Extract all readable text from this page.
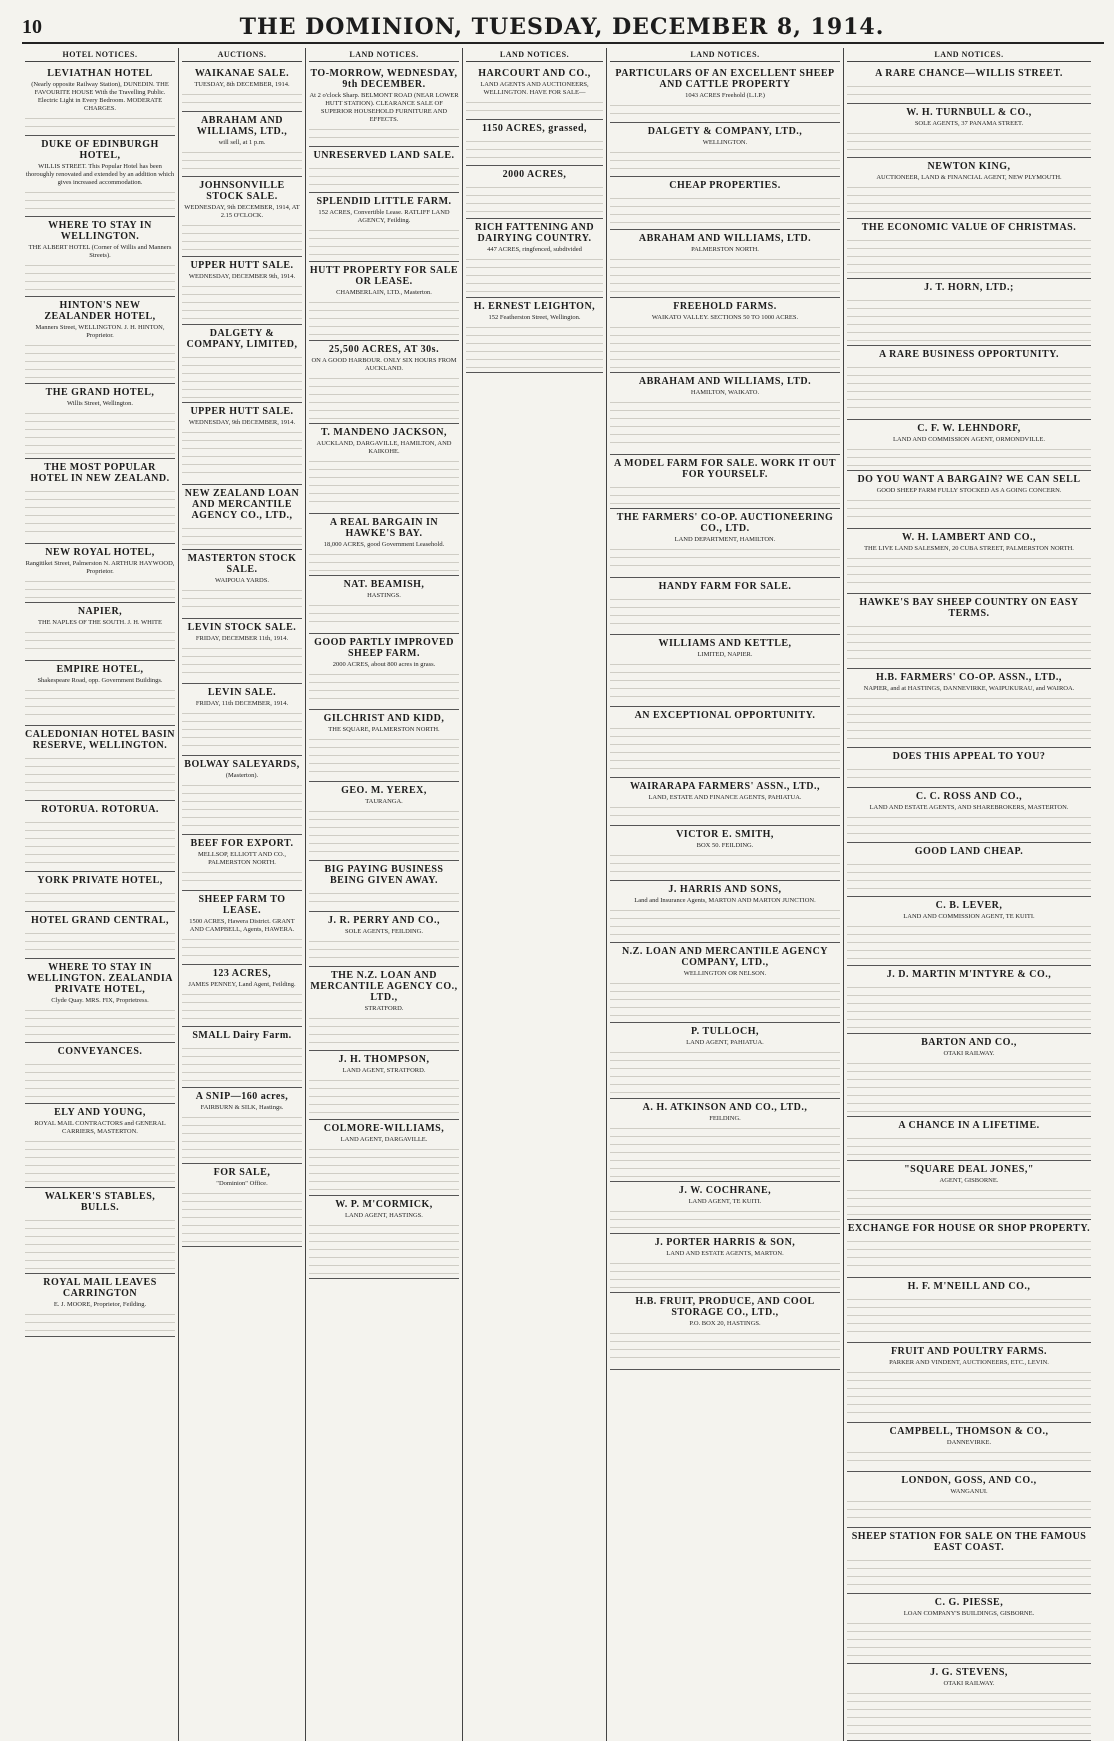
10	THE DOMINION, TUESDAY, DECEMBER 8, 1914.
HOTEL NOTICES.
LEVIATHAN HOTEL

(Nearly opposite Railway Station), DUNEDIN. THE FAVOURITE HOUSE With the Travelling Public. Electric Light in Every Bedroom. MODERATE CHARGES.

DUKE OF EDINBURGH HOTEL,

WILLIS STREET. This Popular Hotel has been thoroughly renovated and extended by an addition which gives increased accommodation.

WHERE TO STAY IN WELLINGTON.

THE ALBERT HOTEL (Corner of Willis and Manners Streets).

HINTON'S NEW ZEALANDER HOTEL,

Manners Street, WELLINGTON. J. H. HINTON, Proprietor.

THE GRAND HOTEL,

Willis Street, Wellington.

THE MOST POPULAR HOTEL IN NEW ZEALAND.
NEW ROYAL HOTEL,

Rangitikei Street, Palmerston N. ARTHUR HAYWOOD, Proprietor.

NAPIER,

THE NAPLES OF THE SOUTH. J. H. WHITE

EMPIRE HOTEL,

Shakespeare Road, opp. Government Buildings.

CALEDONIAN HOTEL BASIN RESERVE, WELLINGTON.
ROTORUA. ROTORUA.
YORK PRIVATE HOTEL,
HOTEL GRAND CENTRAL,
WHERE TO STAY IN WELLINGTON. ZEALANDIA PRIVATE HOTEL,

Clyde Quay. MRS. FIX, Proprietress.

CONVEYANCES.
ELY AND YOUNG,

ROYAL MAIL CONTRACTORS and GENERAL CARRIERS, MASTERTON.

WALKER'S STABLES, BULLS.
ROYAL MAIL LEAVES CARRINGTON

E. J. MOORE, Proprietor, Feilding.

AUCTIONS.
WAIKANAE SALE.

TUESDAY, 8th DECEMBER, 1914.

ABRAHAM AND WILLIAMS, LTD.,

will sell, at 1 p.m.

JOHNSONVILLE STOCK SALE.

WEDNESDAY, 9th DECEMBER, 1914, AT 2.15 O'CLOCK.

UPPER HUTT SALE.

WEDNESDAY, DECEMBER 9th, 1914.

DALGETY & COMPANY, LIMITED,
UPPER HUTT SALE.

WEDNESDAY, 9th DECEMBER, 1914.

NEW ZEALAND LOAN AND MERCANTILE AGENCY CO., LTD.,
MASTERTON STOCK SALE.

WAIPOUA YARDS.

LEVIN STOCK SALE.

FRIDAY, DECEMBER 11th, 1914.

LEVIN SALE.

FRIDAY, 11th DECEMBER, 1914.

BOLWAY SALEYARDS,

(Masterton).

BEEF FOR EXPORT.

MELLSOP, ELLIOTT AND CO., PALMERSTON NORTH.

SHEEP FARM TO LEASE.

1500 ACRES, Hawera District. GRANT AND CAMPBELL, Agents, HAWERA.

123 ACRES,

JAMES PENNEY, Land Agent, Feilding.

SMALL Dairy Farm.
A SNIP—160 acres,

FAIRBURN & SILK, Hastings.

FOR SALE,

"Dominion" Office.

LAND NOTICES.
TO-MORROW, WEDNESDAY, 9th DECEMBER.

At 2 o'clock Sharp. BELMONT ROAD (NEAR LOWER HUTT STATION). CLEARANCE SALE OF SUPERIOR HOUSEHOLD FURNITURE AND EFFECTS.

UNRESERVED LAND SALE.
SPLENDID LITTLE FARM.

152 ACRES, Convertible Lease. RATLIFF LAND AGENCY, Feilding.

HUTT PROPERTY FOR SALE OR LEASE.

CHAMBERLAIN, LTD., Masterton.

25,500 ACRES, AT 30s.

ON A GOOD HARBOUR. ONLY SIX HOURS FROM AUCKLAND.

T. MANDENO JACKSON,

AUCKLAND, DARGAVILLE, HAMILTON, AND KAIKOHE.

A REAL BARGAIN IN HAWKE'S BAY.

18,000 ACRES, good Government Leasehold.

NAT. BEAMISH,

HASTINGS.

GOOD PARTLY IMPROVED SHEEP FARM.

2000 ACRES, about 800 acres in grass.

GILCHRIST AND KIDD,

THE SQUARE, PALMERSTON NORTH.

GEO. M. YEREX,

TAURANGA.

BIG PAYING BUSINESS BEING GIVEN AWAY.
J. R. PERRY AND CO.,

SOLE AGENTS, FEILDING.

THE N.Z. LOAN AND MERCANTILE AGENCY CO., LTD.,

STRATFORD.

J. H. THOMPSON,

LAND AGENT, STRATFORD.

COLMORE-WILLIAMS,

LAND AGENT, DARGAVILLE.

W. P. M'CORMICK,

LAND AGENT, HASTINGS.

LAND NOTICES.
HARCOURT AND CO.,

LAND AGENTS AND AUCTIONEERS, WELLINGTON. HAVE FOR SALE—

1150 ACRES, grassed,
2000 ACRES,
RICH FATTENING AND DAIRYING COUNTRY.

447 ACRES, ringfenced, subdivided

H. ERNEST LEIGHTON,

152 Featherston Street, Wellington.

LAND NOTICES.
PARTICULARS OF AN EXCELLENT SHEEP AND CATTLE PROPERTY

1043 ACRES Freehold (L.I.P.)

DALGETY & COMPANY, LTD.,

WELLINGTON.

CHEAP PROPERTIES.
ABRAHAM AND WILLIAMS, LTD.

PALMERSTON NORTH.

FREEHOLD FARMS.

WAIKATO VALLEY. SECTIONS 50 TO 1000 ACRES.

ABRAHAM AND WILLIAMS, LTD.

HAMILTON, WAIKATO.

A MODEL FARM FOR SALE. WORK IT OUT FOR YOURSELF.
THE FARMERS' CO-OP. AUCTIONEERING CO., LTD.

LAND DEPARTMENT, HAMILTON.

HANDY FARM FOR SALE.
WILLIAMS AND KETTLE,

LIMITED, NAPIER.

AN EXCEPTIONAL OPPORTUNITY.
WAIRARAPA FARMERS' ASSN., LTD.,

LAND, ESTATE AND FINANCE AGENTS, PAHIATUA.

VICTOR E. SMITH,

BOX 50. FEILDING.

J. HARRIS AND SONS,

Land and Insurance Agents, MARTON AND MARTON JUNCTION.

N.Z. LOAN AND MERCANTILE AGENCY COMPANY, LTD.,

WELLINGTON OR NELSON.

P. TULLOCH,

LAND AGENT, PAHIATUA.

A. H. ATKINSON AND CO., LTD.,

FEILDING.

J. W. COCHRANE,

LAND AGENT, TE KUITI.

J. PORTER HARRIS & SON,

LAND AND ESTATE AGENTS, MARTON.

H.B. FRUIT, PRODUCE, AND COOL STORAGE CO., LTD.,

P.O. BOX 20, HASTINGS.

LAND NOTICES.
A RARE CHANCE—WILLIS STREET.
W. H. TURNBULL & CO.,

SOLE AGENTS, 37 PANAMA STREET.

NEWTON KING,

AUCTIONEER, LAND & FINANCIAL AGENT, NEW PLYMOUTH.

THE ECONOMIC VALUE OF CHRISTMAS.
J. T. HORN, LTD.;
A RARE BUSINESS OPPORTUNITY.
C. F. W. LEHNDORF,

LAND AND COMMISSION AGENT, ORMONDVILLE.

DO YOU WANT A BARGAIN? WE CAN SELL

GOOD SHEEP FARM FULLY STOCKED AS A GOING CONCERN.

W. H. LAMBERT AND CO.,

THE LIVE LAND SALESMEN, 20 CUBA STREET, PALMERSTON NORTH.

HAWKE'S BAY SHEEP COUNTRY ON EASY TERMS.
H.B. FARMERS' CO-OP. ASSN., LTD.,

NAPIER, and at HASTINGS, DANNEVIRKE, WAIPUKURAU, and WAIROA.

DOES THIS APPEAL TO YOU?
C. C. ROSS AND CO.,

LAND AND ESTATE AGENTS, AND SHAREBROKERS, MASTERTON.

GOOD LAND CHEAP.
C. B. LEVER,

LAND AND COMMISSION AGENT, TE KUITI.

J. D. MARTIN M'INTYRE & CO.,
BARTON AND CO.,

OTAKI RAILWAY.

A CHANCE IN A LIFETIME.
"SQUARE DEAL JONES,"

AGENT, GISBORNE.

EXCHANGE FOR HOUSE OR SHOP PROPERTY.
H. F. M'NEILL AND CO.,
FRUIT AND POULTRY FARMS.

PARKER AND VINDENT, AUCTIONEERS, ETC., LEVIN.

CAMPBELL, THOMSON & CO.,

DANNEVIRKE.

LONDON, GOSS, AND CO.,

WANGANUI.

SHEEP STATION FOR SALE ON THE FAMOUS EAST COAST.
C. G. PIESSE,

LOAN COMPANY'S BUILDINGS, GISBORNE.

J. G. STEVENS,

OTAKI RAILWAY.
